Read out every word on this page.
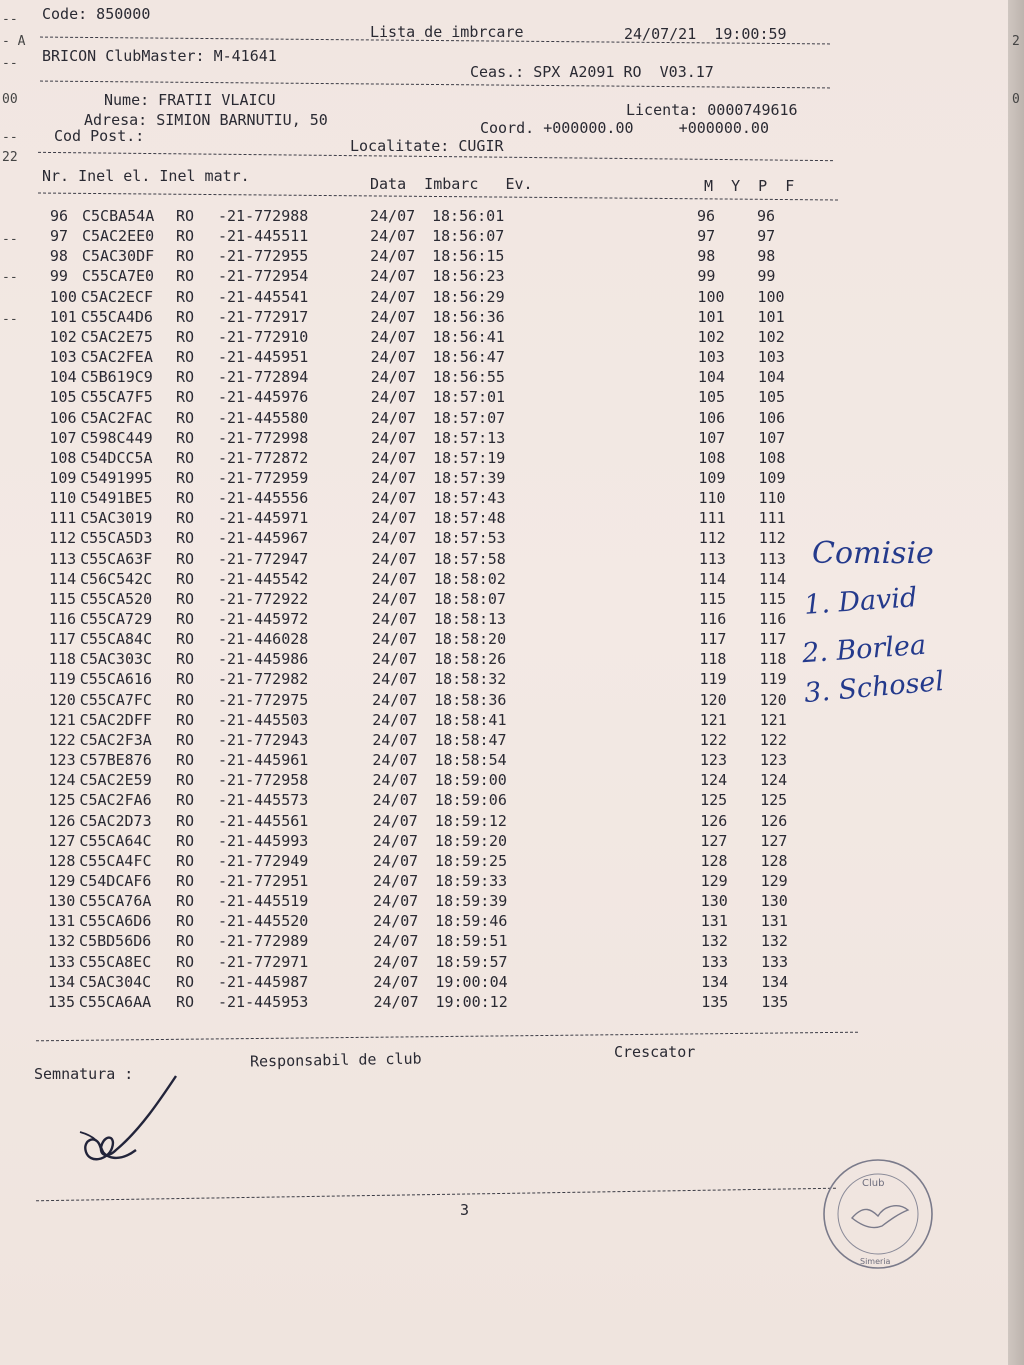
2
0
--
- A
--
00
--
22
--
--
--
Code: 850000
Lista de imbrcare	24/07/21  19:00:59
BRICON ClubMaster: M-41641
Ceas.: SPX A2091 RO  V03.17
Nume: FRATII VLAICU
Licenta: 0000749616
Adresa: SIMION BARNUTIU, 50	Coord. +000000.00     +000000.00
Cod Post.:
Localitate: CUGIR
Nr. Inel el. Inel matr.	Data  Imbarc   Ev.	M  Y  P  F
96 C5CBA54A RO -21-772988	24/07 18:56:01	96	96
97 C5AC2EE0 RO -21-445511	24/07 18:56:07	97	97
98 C5AC30DF RO -21-772955	24/07 18:56:15	98	98
99 C55CA7E0 RO -21-772954	24/07 18:56:23	99	99
100 C5AC2ECF RO -21-445541	24/07 18:56:29	100 100
101 C55CA4D6 RO -21-772917	24/07 18:56:36	101 101
102 C5AC2E75 RO -21-772910	24/07 18:56:41	102 102
103 C5AC2FEA RO -21-445951	24/07 18:56:47	103 103
104 C5B619C9 RO -21-772894	24/07 18:56:55	104 104
105 C55CA7F5 RO -21-445976	24/07 18:57:01	105 105
106 C5AC2FAC RO -21-445580	24/07 18:57:07	106 106
107 C598C449 RO -21-772998	24/07 18:57:13	107 107
108 C54DCC5A RO -21-772872	24/07 18:57:19	108 108
109 C5491995 RO -21-772959	24/07 18:57:39	109 109
110 C5491BE5 RO -21-445556	24/07 18:57:43	110 110
111 C5AC3019 RO -21-445971	24/07 18:57:48	111 111
112 C55CA5D3 RO -21-445967	24/07 18:57:53	112 112
113 C55CA63F RO -21-772947	24/07 18:57:58	113 113
114 C56C542C RO -21-445542	24/07 18:58:02	114 114
115 C55CA520 RO -21-772922	24/07 18:58:07	115 115
116 C55CA729 RO -21-445972	24/07 18:58:13	116 116
117 C55CA84C RO -21-446028	24/07 18:58:20	117 117
118 C5AC303C RO -21-445986	24/07 18:58:26	118 118
119 C55CA616 RO -21-772982	24/07 18:58:32	119 119
120 C55CA7FC RO -21-772975	24/07 18:58:36	120 120
121 C5AC2DFF RO -21-445503	24/07 18:58:41	121 121
122 C5AC2F3A RO -21-772943	24/07 18:58:47	122 122
123 C57BE876 RO -21-445961	24/07 18:58:54	123 123
124 C5AC2E59 RO -21-772958	24/07 18:59:00	124 124
125 C5AC2FA6 RO -21-445573	24/07 18:59:06	125 125
126 C5AC2D73 RO -21-445561	24/07 18:59:12	126 126
127 C55CA64C RO -21-445993	24/07 18:59:20	127 127
128 C55CA4FC RO -21-772949	24/07 18:59:25	128 128
129 C54DCAF6 RO -21-772951	24/07 18:59:33	129 129
130 C55CA76A RO -21-445519	24/07 18:59:39	130 130
131 C55CA6D6 RO -21-445520	24/07 18:59:46	131 131
132 C5BD56D6 RO -21-772989	24/07 18:59:51	132 132
133 C55CA8EC RO -21-772971	24/07 18:59:57	133 133
134 C5AC304C RO -21-445987	24/07 19:00:04	134 134
135 C55CA6AA RO -21-445953	24/07 19:00:12	135 135
Crescator
Responsabil de club
Semnatura :
3
Comisie
1. David
2. Borlea
3. Schosel
Club
Simeria
